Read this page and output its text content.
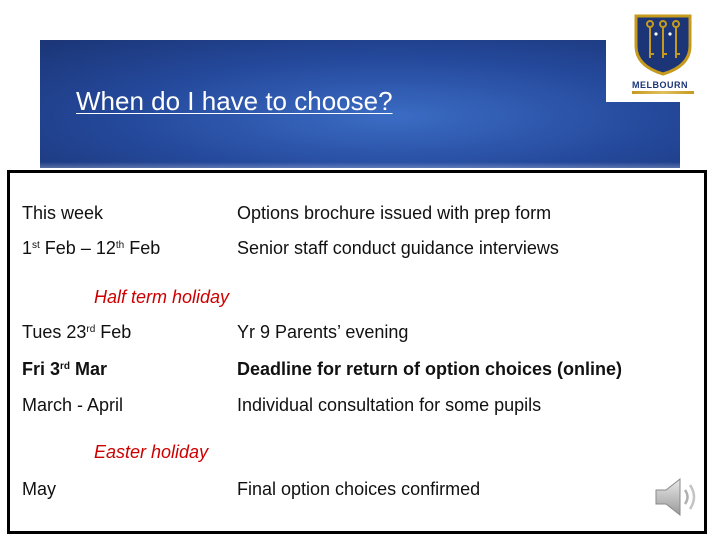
When do I have to choose?
MELBOURN
This week	Options brochure issued with prep form
1st Feb – 12th Feb	Senior staff conduct guidance interviews
Half term holiday
Tues 23rd Feb	Yr 9 Parents’ evening
Fri 3rd Mar	Deadline for return of option choices (online)
March - April	Individual consultation for some pupils
Easter holiday
May	Final option choices confirmed
